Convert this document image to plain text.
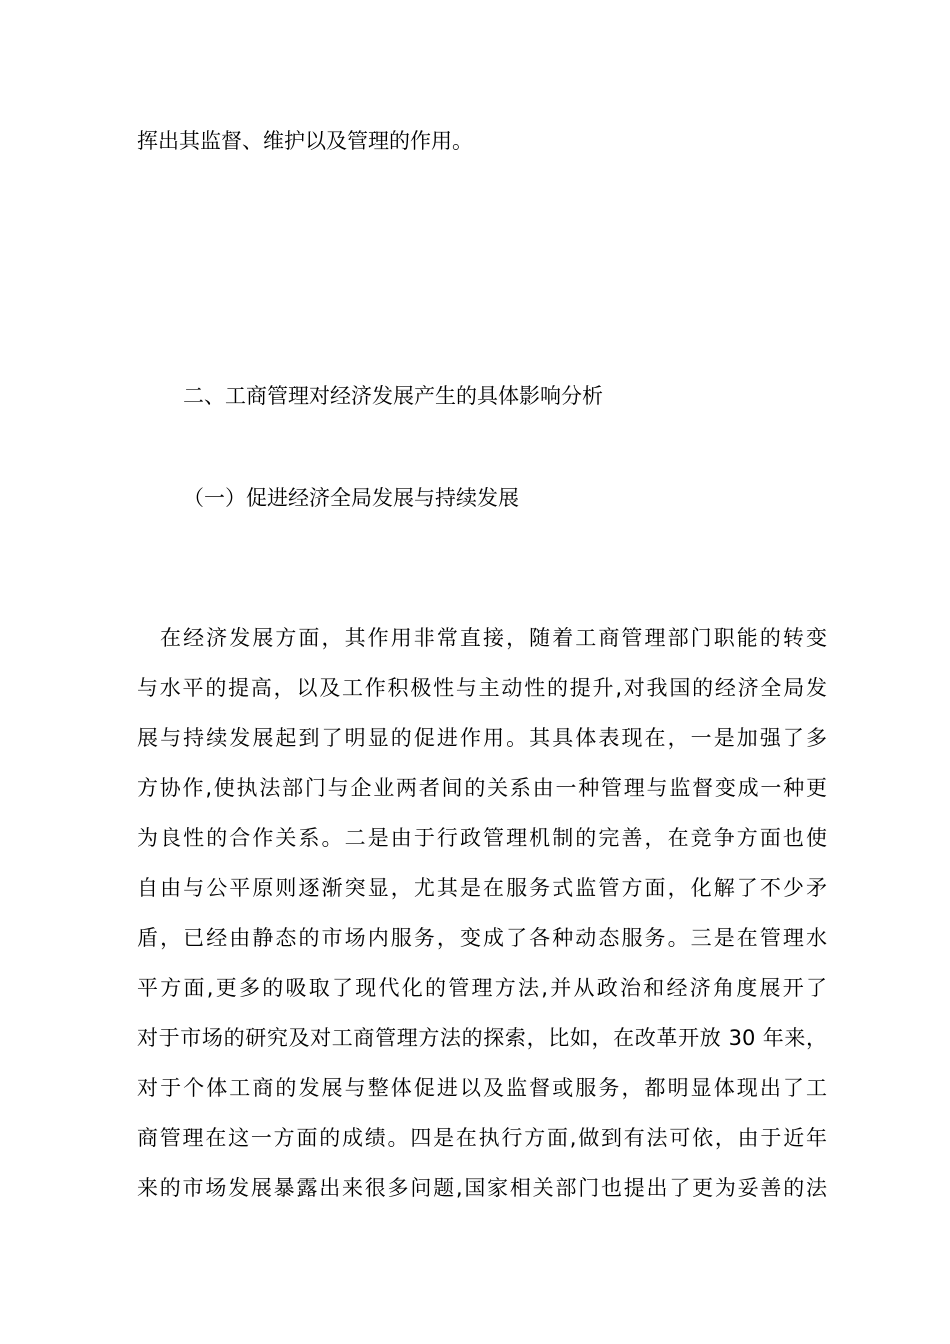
挥出其监督、维护以及管理的作用。
二、工商管理对经济发展产生的具体影响分析
（一）促进经济全局发展与持续发展
在经济发展方面，其作用非常直接，随着工商管理部门职能的转变
与水平的提高，以及工作积极性与主动性的提升,对我国的经济全局发
展与持续发展起到了明显的促进作用。其具体表现在，一是加强了多
方协作,使执法部门与企业两者间的关系由一种管理与监督变成一种更
为良性的合作关系。二是由于行政管理机制的完善，在竞争方面也使
自由与公平原则逐渐突显，尤其是在服务式监管方面，化解了不少矛
盾，已经由静态的市场内服务，变成了各种动态服务。三是在管理水
平方面,更多的吸取了现代化的管理方法,并从政治和经济角度展开了
对于市场的研究及对工商管理方法的探索，比如，在改革开放 30 年来，
对于个体工商的发展与整体促进以及监督或服务，都明显体现出了工
商管理在这一方面的成绩。四是在执行方面,做到有法可依，由于近年
来的市场发展暴露出来很多问题,国家相关部门也提出了更为妥善的法
